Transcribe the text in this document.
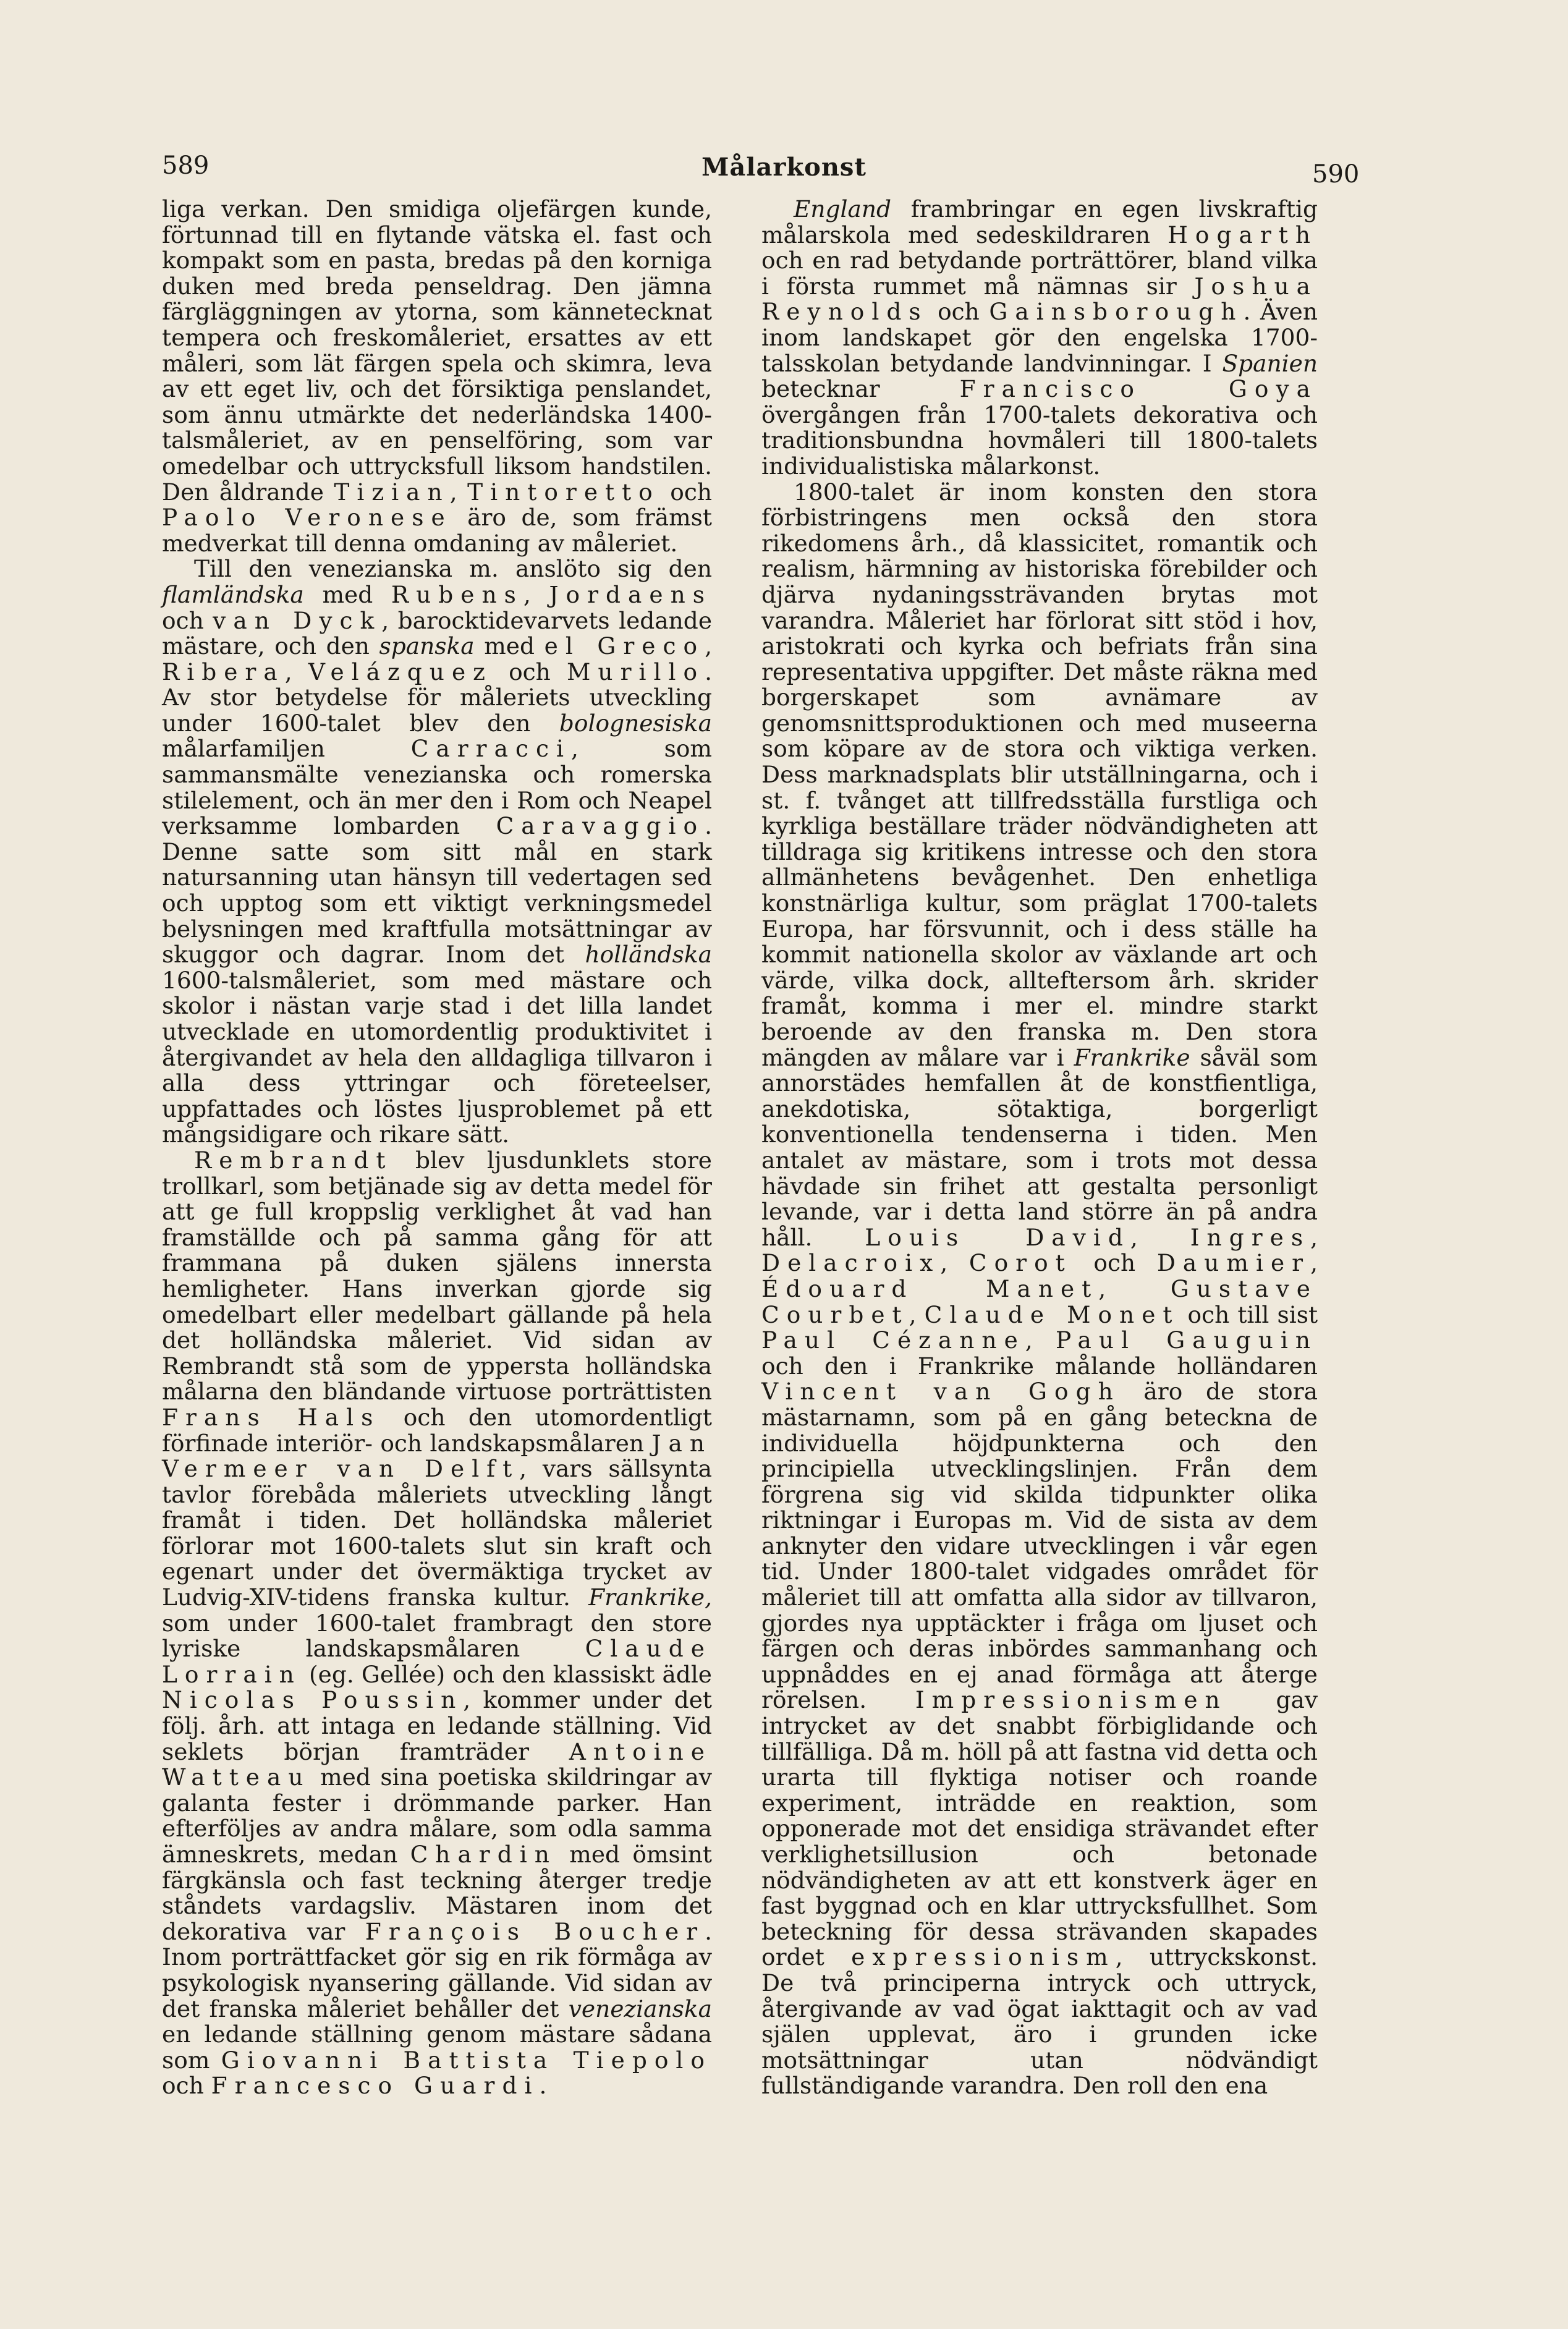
589	Målarkonst	590

liga verkan. Den smidiga oljefärgen kunde, förtunnad till en flytande vätska el. fast och kompakt som en pasta, bredas på den korniga duken med breda penseldrag. Den jämna färgläggningen av ytorna, som kännetecknat tempera och freskomåleriet, ersattes av ett måleri, som lät färgen spela och skimra, leva av ett eget liv, och det försiktiga penslandet, som ännu utmärkte det nederländska 1400-talsmåleriet, av en penselföring, som var omedelbar och uttrycksfull liksom handstilen. Den åldrande Tizian, Tintoretto och Paolo Veronese äro de, som främst medverkat till denna omdaning av måleriet.

Till den venezianska m. anslöto sig den flamländska med Rubens, Jordaens och van Dyck, barocktidevarvets ledande mästare, och den spanska med el Greco, Ribera, Velázquez och Murillo. Av stor betydelse för måleriets utveckling under 1600-talet blev den bolognesiska målarfamiljen Carracci, som sammansmälte venezianska och romerska stilelement, och än mer den i Rom och Neapel verksamme lombarden Caravaggio. Denne satte som sitt mål en stark natursanning utan hänsyn till vedertagen sed och upptog som ett viktigt verkningsmedel belysningen med kraftfulla motsättningar av skuggor och dagrar. Inom det holländska 1600-talsmåleriet, som med mästare och skolor i nästan varje stad i det lilla landet utvecklade en utomordentlig produktivitet i återgivandet av hela den alldagliga tillvaron i alla dess yttringar och företeelser, uppfattades och löstes ljusproblemet på ett mångsidigare och rikare sätt.

Rembrandt blev ljusdunklets store trollkarl, som betjänade sig av detta medel för att ge full kroppslig verklighet åt vad han framställde och på samma gång för att frammana på duken själens innersta hemligheter. Hans inverkan gjorde sig omedelbart eller medelbart gällande på hela det holländska måleriet. Vid sidan av Rembrandt stå som de yppersta holländska målarna den bländande virtuose porträttisten Frans Hals och den utomordentligt förfinade interiör- och landskapsmålaren Jan Vermeer van Delft, vars sällsynta tavlor förebåda måleriets utveckling långt framåt i tiden. Det holländska måleriet förlorar mot 1600-talets slut sin kraft och egenart under det övermäktiga trycket av Ludvig-XIV-tidens franska kultur. Frankrike, som under 1600-talet frambragt den store lyriske landskapsmålaren Claude Lorrain (eg. Gellée) och den klassiskt ädle Nicolas Poussin, kommer under det följ. årh. att intaga en ledande ställning. Vid seklets början framträder Antoine Watteau med sina poetiska skildringar av galanta fester i drömmande parker. Han efterföljes av andra målare, som odla samma ämneskrets, medan Chardin med ömsint färgkänsla och fast teckning återger tredje ståndets vardagsliv. Mästaren inom det dekorativa var François Boucher. Inom porträttfacket gör sig en rik förmåga av psykologisk nyansering gällande. Vid sidan av det franska måleriet behåller det venezianska en ledande ställning genom mästare sådana som Giovanni Battista Tiepolo och Francesco Guardi.

England frambringar en egen livskraftig målarskola med sedeskildraren Hogarth och en rad betydande porträttörer, bland vilka i första rummet må nämnas sir Joshua Reynolds och Gainsborough. Även inom landskapet gör den engelska 1700-talsskolan betydande landvinningar. I Spanien betecknar Francisco Goya övergången från 1700-talets dekorativa och traditionsbundna hovmåleri till 1800-talets individualistiska målarkonst.

1800-talet är inom konsten den stora förbistringens men också den stora rikedomens årh., då klassicitet, romantik och realism, härmning av historiska förebilder och djärva nydaningssträvanden brytas mot varandra. Måleriet har förlorat sitt stöd i hov, aristokrati och kyrka och befriats från sina representativa uppgifter. Det måste räkna med borgerskapet som avnämare av genomsnittsproduktionen och med museerna som köpare av de stora och viktiga verken. Dess marknadsplats blir utställningarna, och i st. f. tvånget att tillfredsställa furstliga och kyrkliga beställare träder nödvändigheten att tilldraga sig kritikens intresse och den stora allmänhetens bevågenhet. Den enhetliga konstnärliga kultur, som präglat 1700-talets Europa, har försvunnit, och i dess ställe ha kommit nationella skolor av växlande art och värde, vilka dock, allteftersom årh. skrider framåt, komma i mer el. mindre starkt beroende av den franska m. Den stora mängden av målare var i Frankrike såväl som annorstädes hemfallen åt de konstfientliga, anekdotiska, sötaktiga, borgerligt konventionella tendenserna i tiden. Men antalet av mästare, som i trots mot dessa hävdade sin frihet att gestalta personligt levande, var i detta land större än på andra håll. Louis David, Ingres, Delacroix, Corot och Daumier, Édouard Manet, Gustave Courbet, Claude Monet och till sist Paul Cézanne, Paul Gauguin och den i Frankrike målande holländaren Vincent van Gogh äro de stora mästarnamn, som på en gång beteckna de individuella höjdpunkterna och den principiella utvecklingslinjen. Från dem förgrena sig vid skilda tidpunkter olika riktningar i Europas m. Vid de sista av dem anknyter den vidare utvecklingen i vår egen tid. Under 1800-talet vidgades området för måleriet till att omfatta alla sidor av tillvaron, gjordes nya upptäckter i fråga om ljuset och färgen och deras inbördes sammanhang och uppnåddes en ej anad förmåga att återge rörelsen. Impressionismen gav intrycket av det snabbt förbiglidande och tillfälliga. Då m. höll på att fastna vid detta och urarta till flyktiga notiser och roande experiment, inträdde en reaktion, som opponerade mot det ensidiga strävandet efter verklighetsillusion och betonade nödvändigheten av att ett konstverk äger en fast byggnad och en klar uttrycksfullhet. Som beteckning för dessa strävanden skapades ordet expressionism, uttryckskonst. De två principerna intryck och uttryck, återgivande av vad ögat iakttagit och av vad själen upplevat, äro i grunden icke motsättningar utan nödvändigt fullständigande varandra. Den roll den ena
